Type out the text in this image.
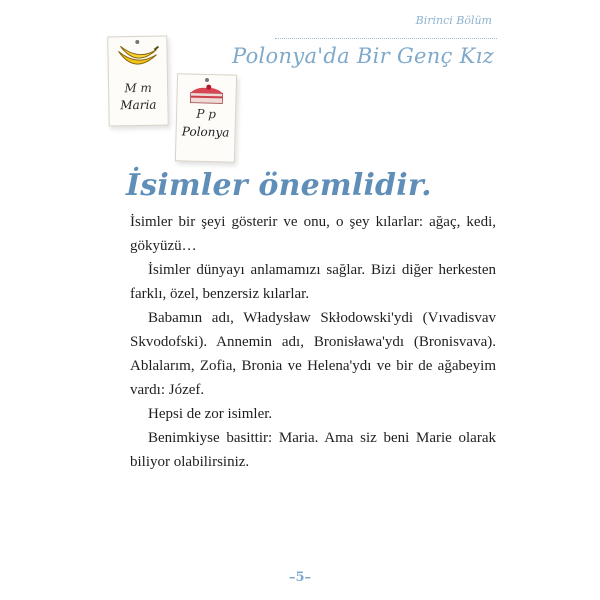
Birinci Bölüm
Polonya'da Bir Genç Kız
M m
Maria
P p
Polonya
İsimler önemlidir.

İsimler bir şeyi gösterir ve onu, o şey kılarlar: ağaç, kedi, gökyüzü…

İsimler dünyayı anlamamızı sağlar. Bizi diğer herkesten farklı, özel, benzersiz kılarlar.

Babamın adı, Władysław Skłodowski'ydi (Vıvadisvav Skvodofski). Annemin adı, Bronisława'ydı (Bronisvava). Ablalarım, Zofia, Bronia ve Helena'ydı ve bir de ağabeyim vardı: Józef.

Hepsi de zor isimler.

Benimkiyse basittir: Maria. Ama siz beni Marie olarak biliyor olabilirsiniz.

–5–
